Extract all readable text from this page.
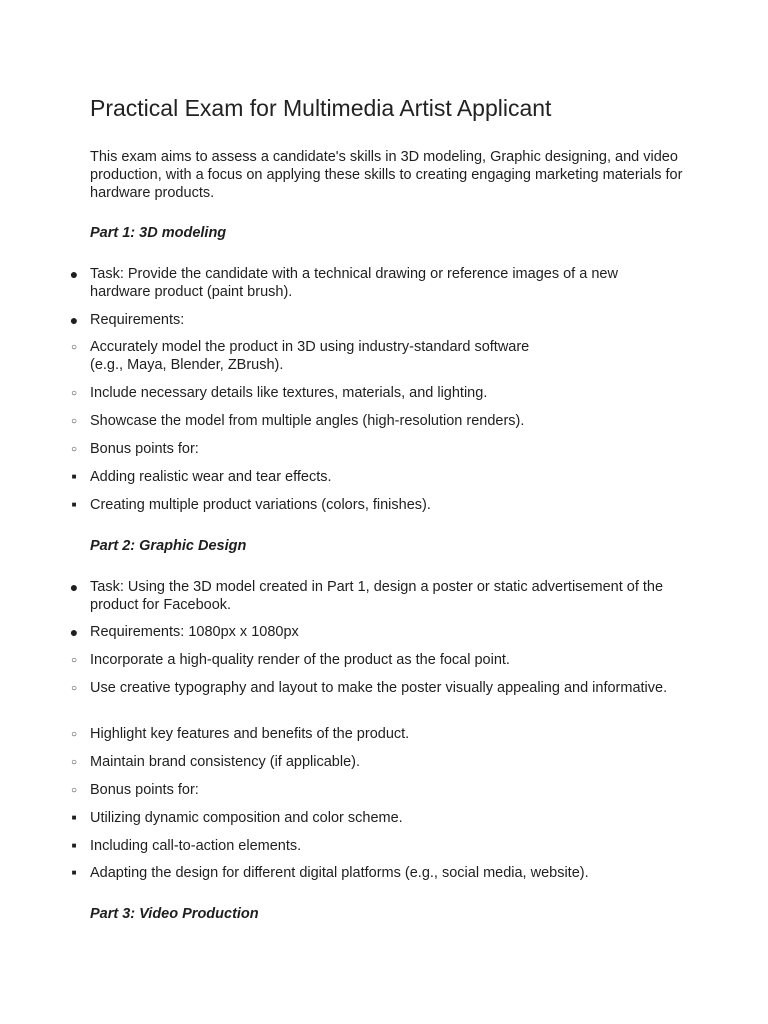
Practical Exam for Multimedia Artist Applicant

This exam aims to assess a candidate's skills in 3D modeling, Graphic designing, and video production, with a focus on applying these skills to creating engaging marketing materials for hardware products.

Part 1: 3D modeling

● Task: Provide the candidate with a technical drawing or reference images of a new hardware product (paint brush).

● Requirements:

○ Accurately model the product in 3D using industry-standard software
(e.g., Maya, Blender, ZBrush).

○ Include necessary details like textures, materials, and lighting.

○ Showcase the model from multiple angles (high-resolution renders).

○ Bonus points for:

■ Adding realistic wear and tear effects.

■ Creating multiple product variations (colors, finishes).

Part 2: Graphic Design

● Task: Using the 3D model created in Part 1, design a poster or static advertisement of the product for Facebook.

● Requirements: 1080px x 1080px

○ Incorporate a high-quality render of the product as the focal point.

○ Use creative typography and layout to make the poster visually appealing and informative.

○ Highlight key features and benefits of the product.

○ Maintain brand consistency (if applicable).

○ Bonus points for:

■ Utilizing dynamic composition and color scheme.

■ Including call-to-action elements.

■ Adapting the design for different digital platforms (e.g., social media, website).

Part 3: Video Production
